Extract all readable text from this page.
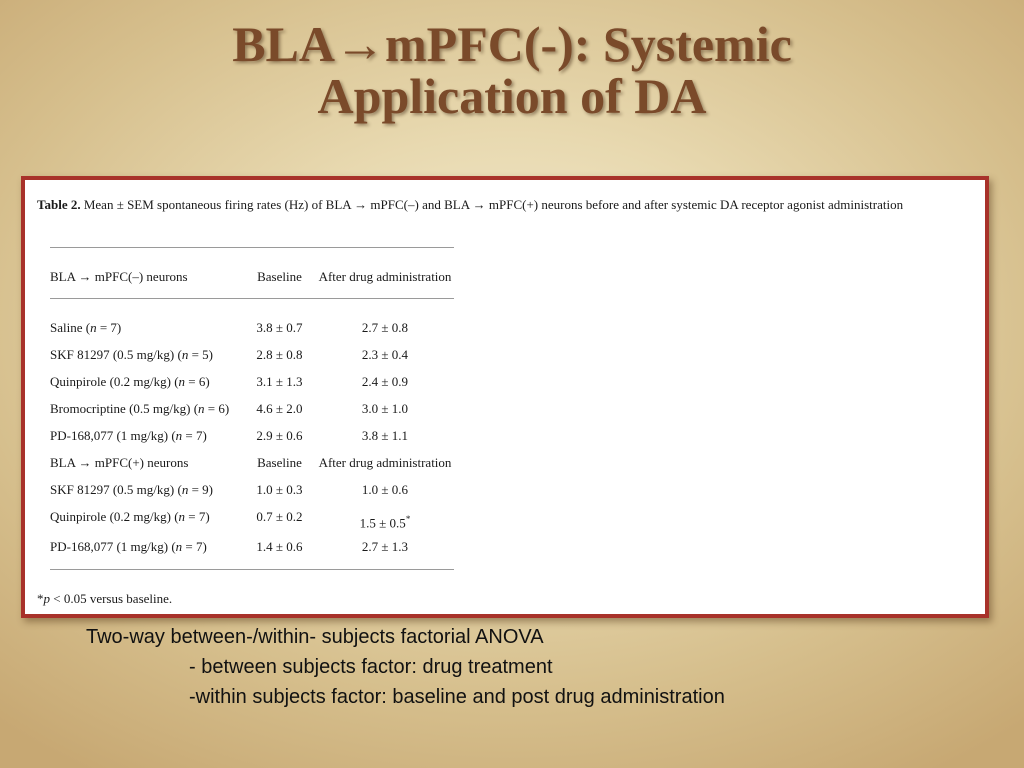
BLA→mPFC(-): Systemic
Application of DA
Table 2. Mean ± SEM spontaneous firing rates (Hz) of BLA → mPFC(–) and BLA → mPFC(+) neurons before and after systemic DA receptor agonist administration
BLA → mPFC(–) neurons	Baseline	After drug administration
Saline (n = 7)	3.8 ± 0.7	2.7 ± 0.8
SKF 81297 (0.5 mg/kg) (n = 5)	2.8 ± 0.8	2.3 ± 0.4
Quinpirole (0.2 mg/kg) (n = 6)	3.1 ± 1.3	2.4 ± 0.9
Bromocriptine (0.5 mg/kg) (n = 6) 4.6 ± 2.0	3.0 ± 1.0
PD-168,077 (1 mg/kg) (n = 7)	2.9 ± 0.6	3.8 ± 1.1
BLA → mPFC(+) neurons	Baseline	After drug administration
SKF 81297 (0.5 mg/kg) (n = 9)	1.0 ± 0.3	1.0 ± 0.6
Quinpirole (0.2 mg/kg) (n = 7)	0.7 ± 0.2	1.5 ± 0.5*
PD-168,077 (1 mg/kg) (n = 7)	1.4 ± 0.6	2.7 ± 1.3
*p < 0.05 versus baseline.
Two-way between-/within- subjects factorial ANOVA
- between subjects factor: drug treatment
-within subjects factor: baseline and post drug administration
